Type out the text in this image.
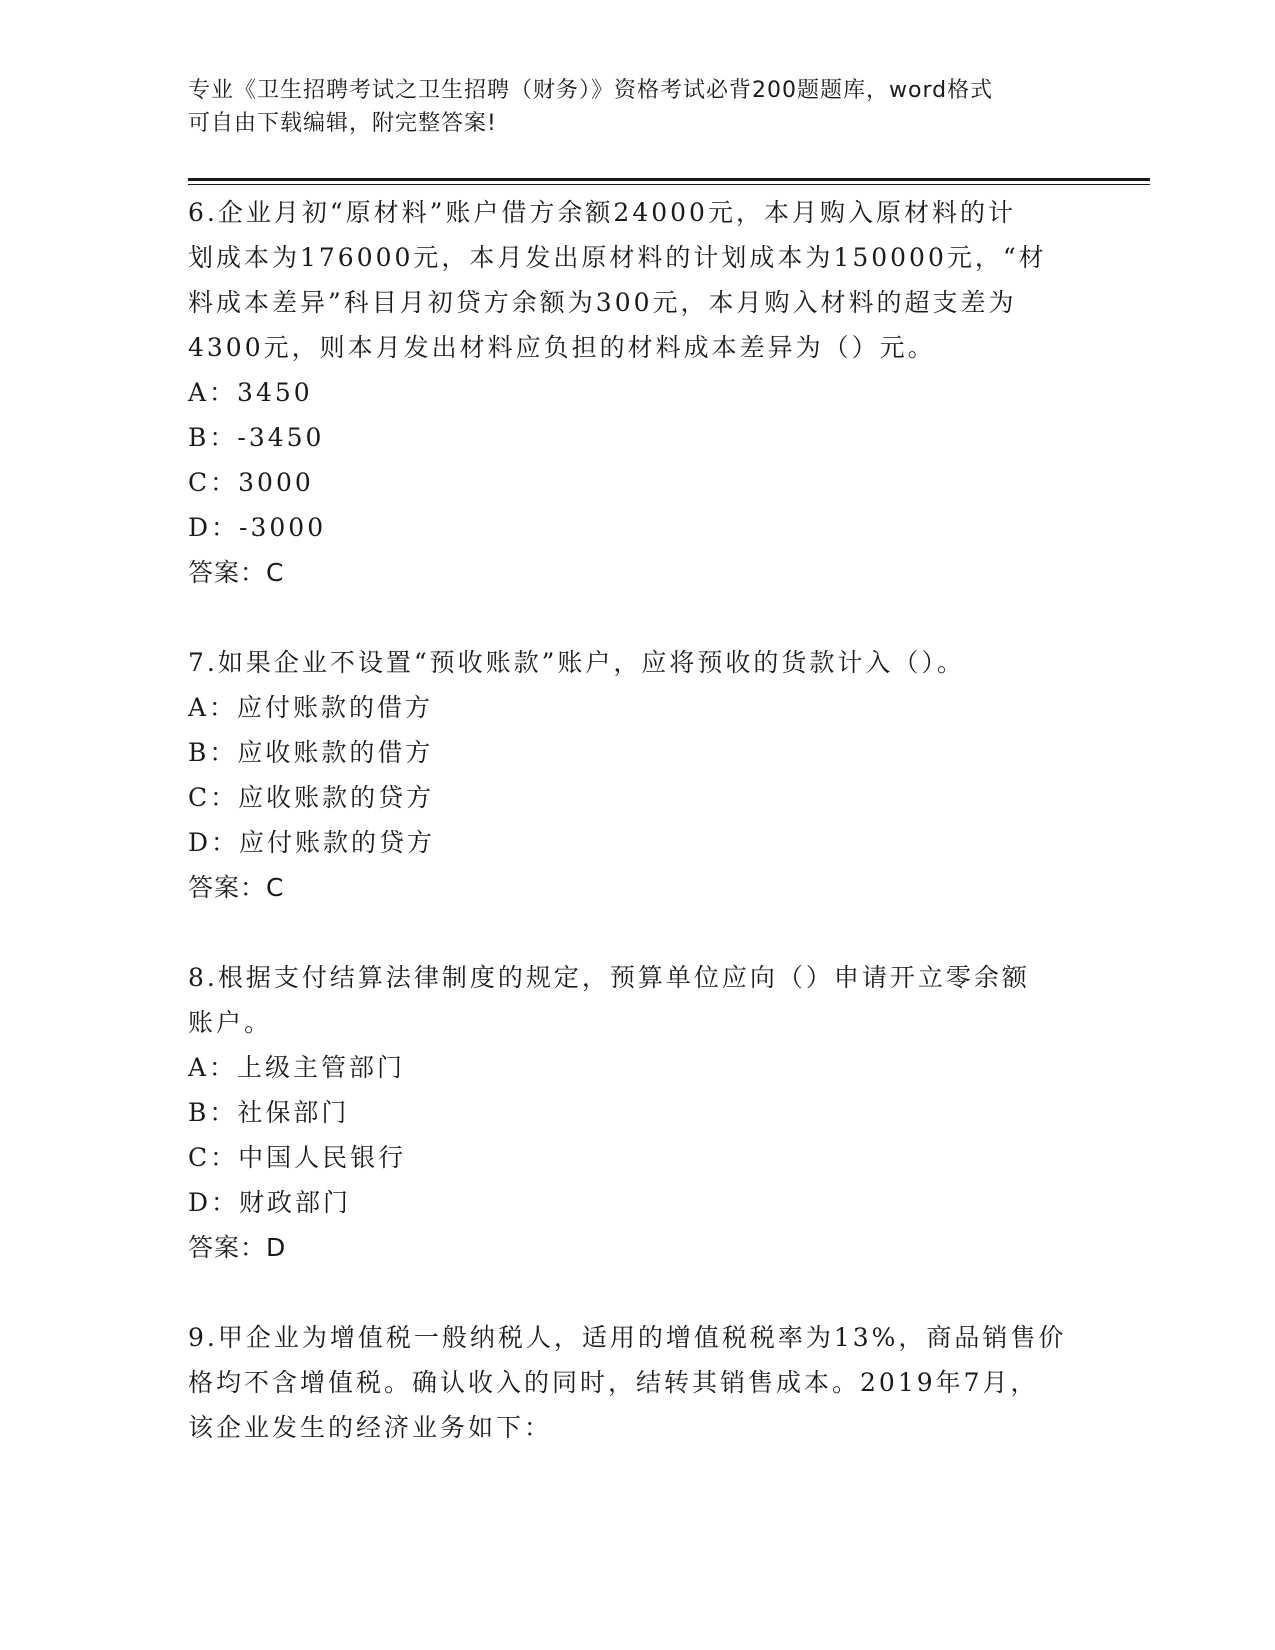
专业《卫生招聘考试之卫生招聘（财务）》资格考试必背200题题库，word格式
可自由下载编辑，附完整答案!
6.企业月初“原材料”账户借方余额24000元，本月购入原材料的计
划成本为176000元，本月发出原材料的计划成本为150000元，“材
料成本差异”科目月初贷方余额为300元，本月购入材料的超支差为
4300元，则本月发出材料应负担的材料成本差异为（）元。
A：3450
B：-3450
C：3000
D：-3000
答案：C
7.如果企业不设置“预收账款”账户，应将预收的货款计入（）。
A：应付账款的借方
B：应收账款的借方
C：应收账款的贷方
D：应付账款的贷方
答案：C
8.根据支付结算法律制度的规定，预算单位应向（）申请开立零余额
账户。
A：上级主管部门
B：社保部门
C：中国人民银行
D：财政部门
答案：D
9.甲企业为增值税一般纳税人，适用的增值税税率为13%，商品销售价
格均不含增值税。确认收入的同时，结转其销售成本。2019年7月，
该企业发生的经济业务如下：
